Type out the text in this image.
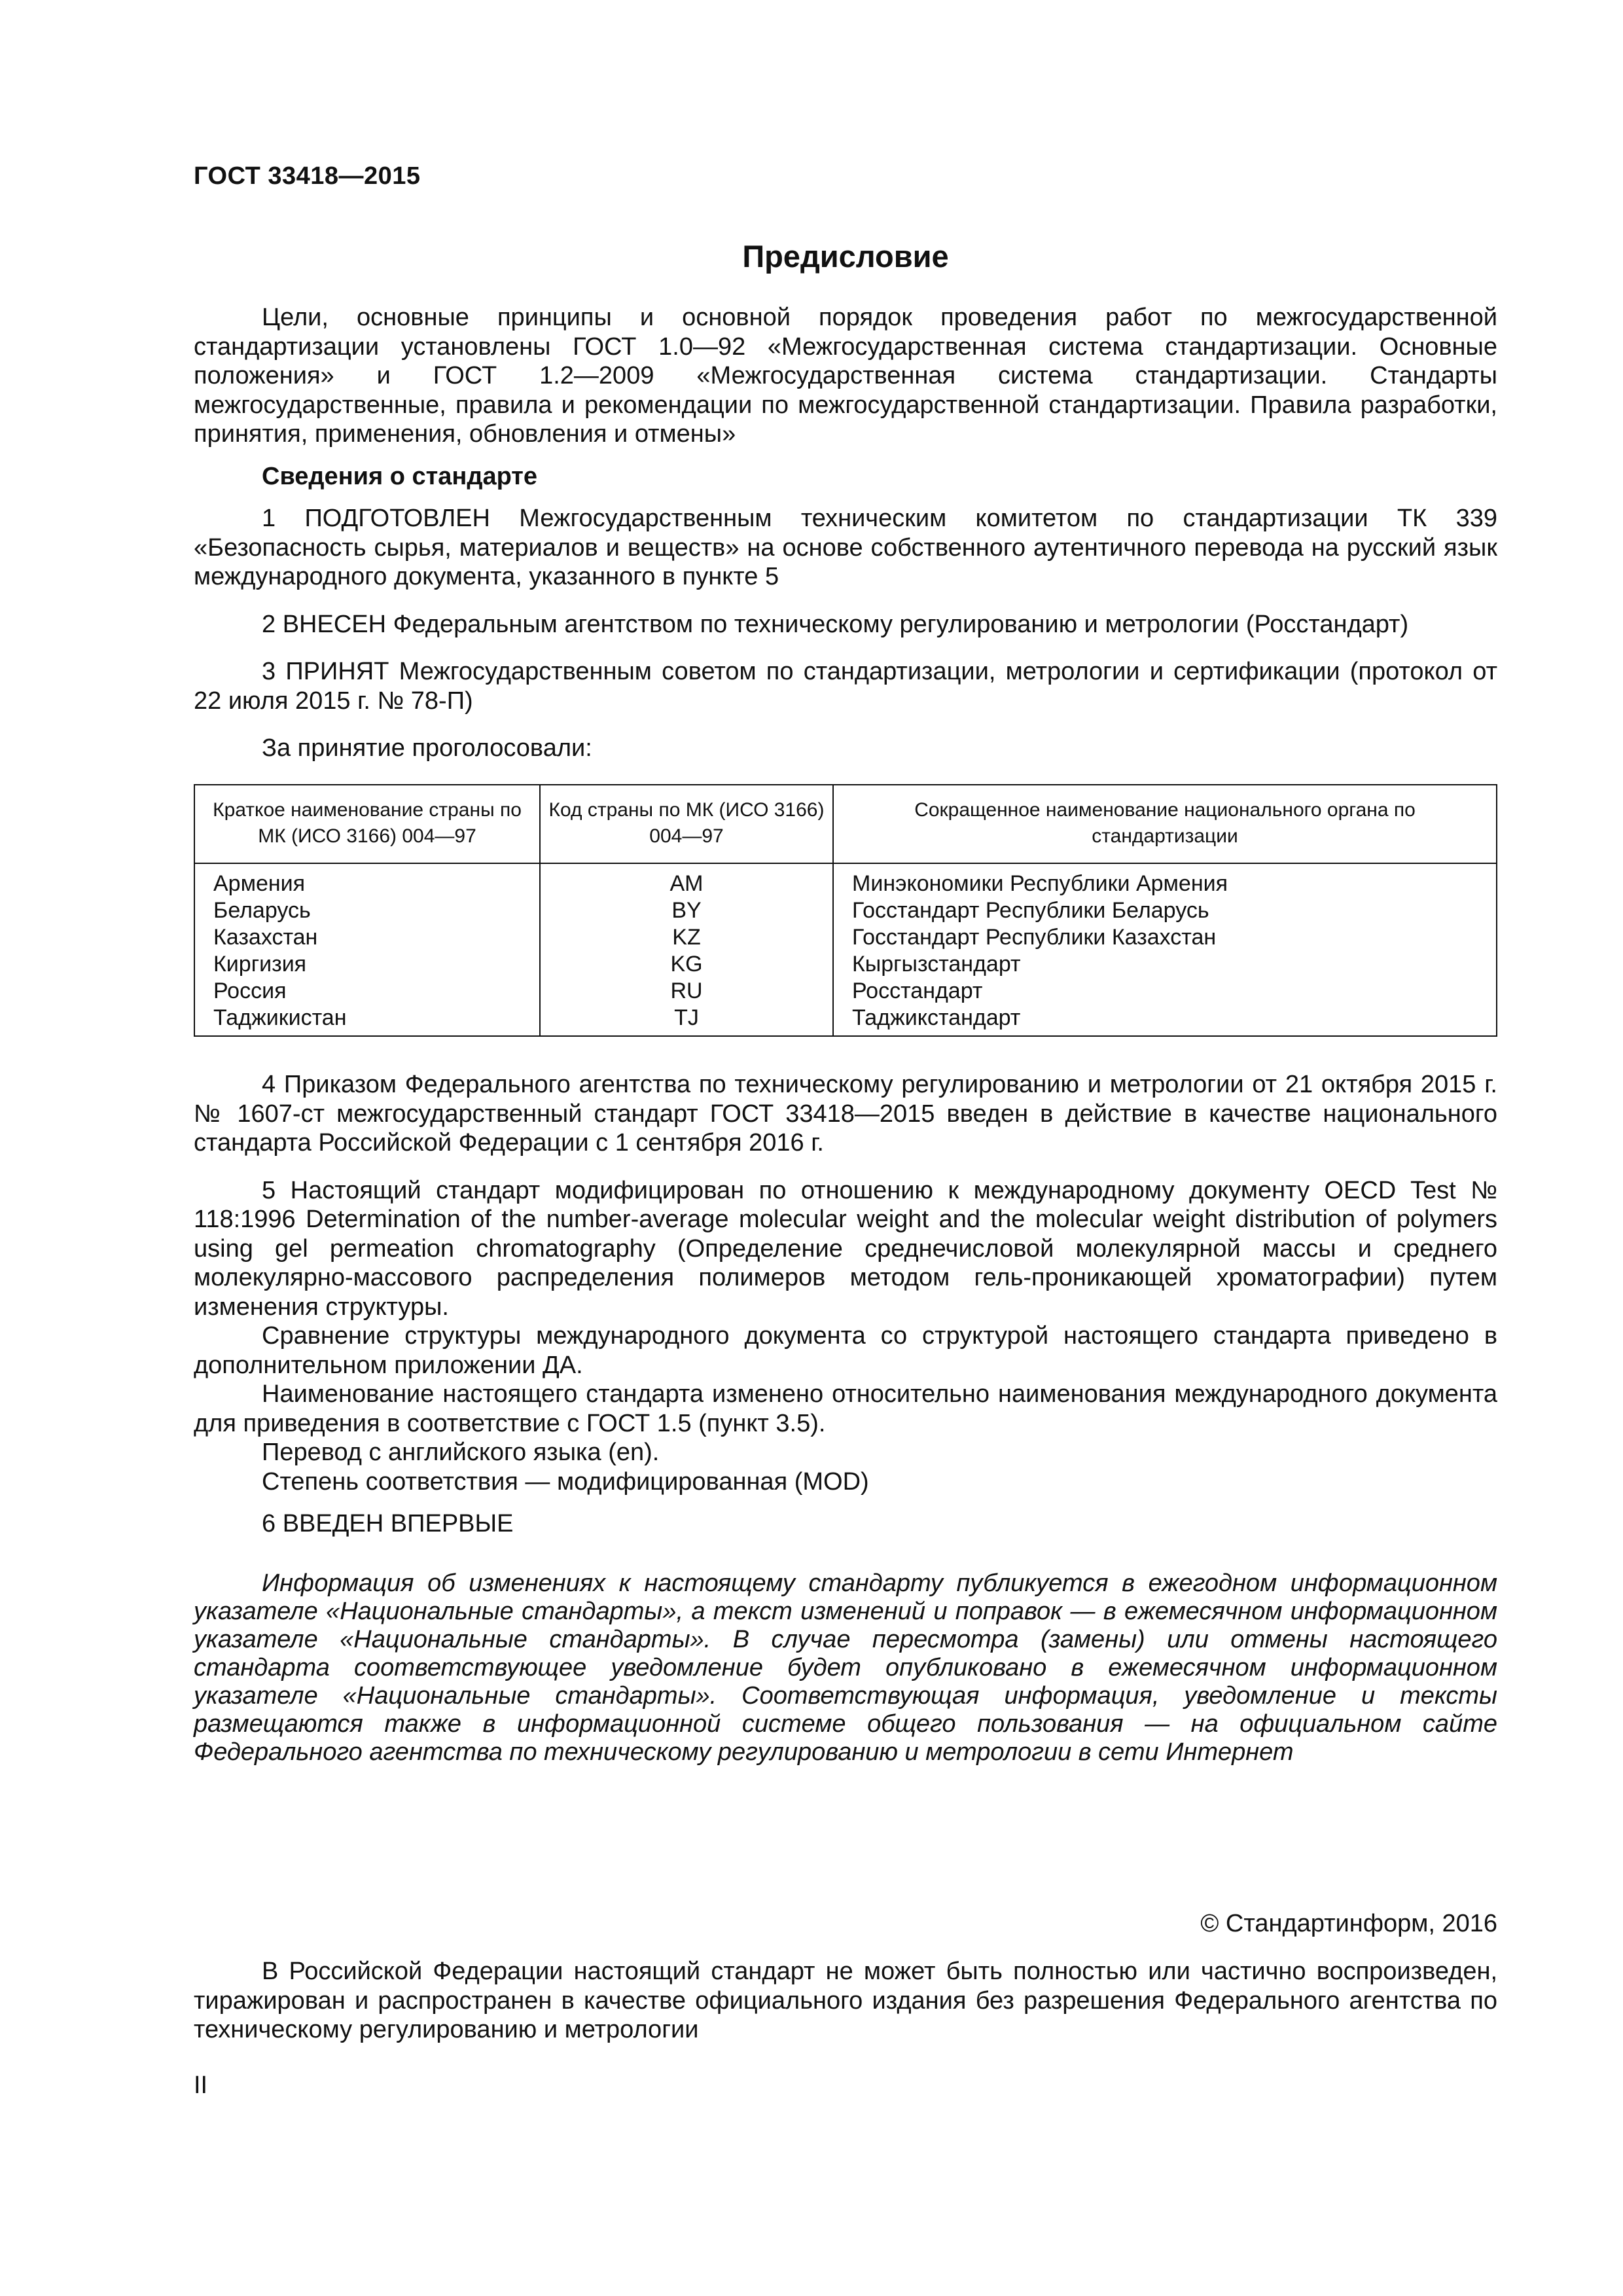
ГОСТ 33418—2015
Предисловие

Цели, основные принципы и основной порядок проведения работ по межгосударственной стандартизации установлены ГОСТ 1.0—92 «Межгосударственная система стандартизации. Основные положения» и ГОСТ 1.2—2009 «Межгосударственная система стандартизации. Стандарты межгосударственные, правила и рекомендации по межгосударственной стандартизации. Правила разработки, принятия, применения, обновления и отмены»

Сведения о стандарте

1 ПОДГОТОВЛЕН Межгосударственным техническим комитетом по стандартизации ТК 339 «Безопасность сырья, материалов и веществ» на основе собственного аутентичного перевода на русский язык международного документа, указанного в пункте 5

2 ВНЕСЕН Федеральным агентством по техническому регулированию и метрологии (Росстандарт)

3 ПРИНЯТ Межгосударственным советом по стандартизации, метрологии и сертификации (протокол от 22 июля 2015 г. № 78-П)

За принятие проголосовали:

Краткое наименование страны по МК (ИСО 3166) 004—97	Код страны по МК (ИСО 3166) 004—97	Сокращенное наименование национального органа по стандартизации
Армения	AM	Минэкономики Республики Армения
Беларусь	BY	Госстандарт Республики Беларусь
Казахстан	KZ	Госстандарт Республики Казахстан
Киргизия	KG	Кыргызстандарт
Россия	RU	Росстандарт
Таджикистан	TJ	Таджикстандарт

4 Приказом Федерального агентства по техническому регулированию и метрологии от 21 октября 2015 г. № 1607-ст межгосударственный стандарт ГОСТ 33418—2015 введен в действие в качестве национального стандарта Российской Федерации с 1 сентября 2016 г.

5 Настоящий стандарт модифицирован по отношению к международному документу OECD Test № 118:1996 Determination of the number-average molecular weight and the molecular weight distribution of polymers using gel permeation chromatography (Определение среднечисловой молекулярной массы и среднего молекулярно-массового распределения полимеров методом гель-проникающей хроматографии) путем изменения структуры.

Сравнение структуры международного документа со структурой настоящего стандарта приведено в дополнительном приложении ДА.

Наименование настоящего стандарта изменено относительно наименования международного документа для приведения в соответствие с ГОСТ 1.5 (пункт 3.5).

Перевод с английского языка (en).

Степень соответствия — модифицированная (MOD)

6 ВВЕДЕН ВПЕРВЫЕ

Информация об изменениях к настоящему стандарту публикуется в ежегодном информационном указателе «Национальные стандарты», а текст изменений и поправок — в ежемесячном информационном указателе «Национальные стандарты». В случае пересмотра (замены) или отмены настоящего стандарта соответствующее уведомление будет опубликовано в ежемесячном информационном указателе «Национальные стандарты». Соответствующая информация, уведомление и тексты размещаются также в информационной системе общего пользования — на официальном сайте Федерального агентства по техническому регулированию и метрологии в сети Интернет

© Стандартинформ, 2016

В Российской Федерации настоящий стандарт не может быть полностью или частично воспроизведен, тиражирован и распространен в качестве официального издания без разрешения Федерального агентства по техническому регулированию и метрологии

II
